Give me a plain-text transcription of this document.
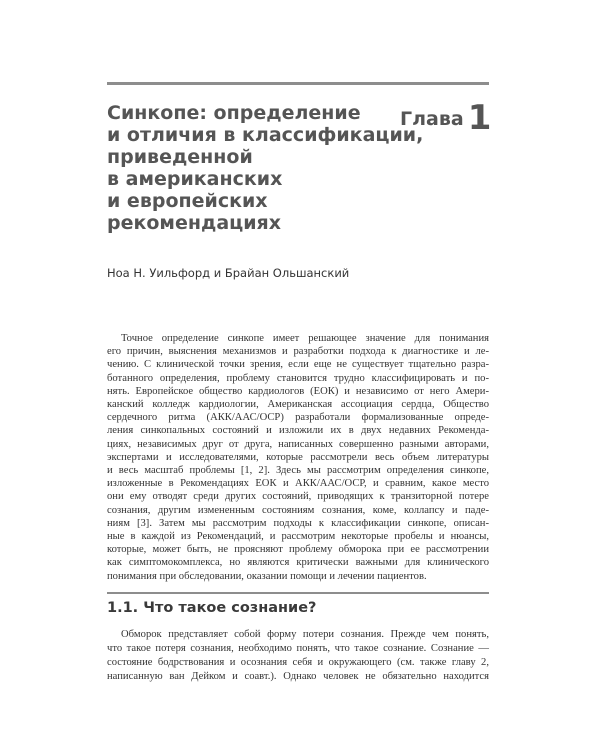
Синкопе: определение
и отличия в классификации,
приведенной
в американских
и европейских
рекомендациях
Глава 1
Ноа Н. Уильфорд и Брайан Ольшанский

Точное определение синкопе имеет решающее значение для понимания
его причин, выяснения механизмов и разработки подхода к диагностике и ле-
чению. С клинической точки зрения, если еще не существует тщательно разра-
ботанного определения, проблему становится трудно классифицировать и по-
нять. Европейское общество кардиологов (ЕОК) и независимо от него Амери-
канский колледж кардиологии, Американская ассоциация сердца, Общество
сердечного ритма (АКК/ААС/ОСР) разработали формализованные опреде-
ления синкопальных состояний и изложили их в двух недавних Рекоменда-
циях, независимых друг от друга, написанных совершенно разными авторами,
экспертами и исследователями, которые рассмотрели весь объем литературы
и весь масштаб проблемы [1, 2]. Здесь мы рассмотрим определения синкопе,
изложенные в Рекомендациях ЕОК и АКК/ААС/ОСР, и сравним, какое место
они ему отводят среди других состояний, приводящих к транзиторной потере
сознания, другим измененным состояниям сознания, коме, коллапсу и паде-
ниям [3]. Затем мы рассмотрим подходы к классификации синкопе, описан-
ные в каждой из Рекомендаций, и рассмотрим некоторые пробелы и нюансы,
которые, может быть, не проясняют проблему обморока при ее рассмотрении
как симптомокомплекса, но являются критически важными для клинического
понимания при обследовании, оказании помощи и лечении пациентов.

1.1. Что такое сознание?

Обморок представляет собой форму потери сознания. Прежде чем понять,
что такое потеря сознания, необходимо понять, что такое сознание. Сознание —
состояние бодрствования и осознания себя и окружающего (см. также главу 2,
написанную ван Дейком и соавт.). Однако человек не обязательно находится
